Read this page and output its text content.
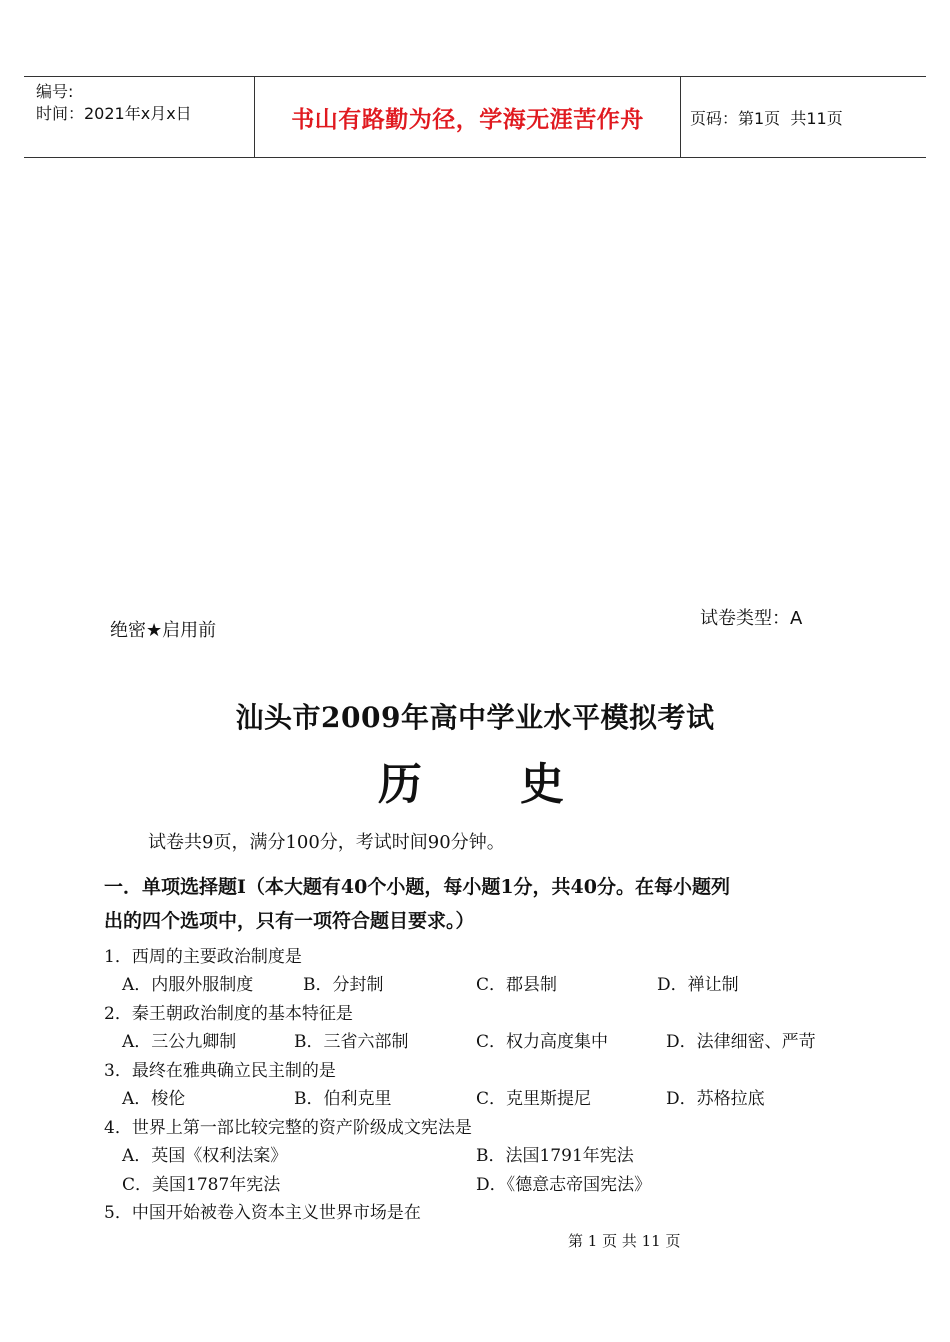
编号:
时间：2021年x月x日	书山有路勤为径，学海无涯苦作舟	页码：第1页  共11页
绝密★启用前
试卷类型：A
汕头市2009年高中学业水平模拟考试
历 史
试卷共9页，满分100分，考试时间90分钟。
一．单项选择题Ⅰ（本大题有40个小题，每小题1分，共40分。在每小题列
出的四个选项中，只有一项符合题目要求。）
1．西周的主要政治制度是
A．内服外服制度	B．分封制	C．郡县制	D．禅让制
2．秦王朝政治制度的基本特征是
A．三公九卿制	B．三省六部制	C．权力高度集中	D．法律细密、严苛
3．最终在雅典确立民主制的是
A．梭伦	B．伯利克里	C．克里斯提尼	D．苏格拉底
4．世界上第一部比较完整的资产阶级成文宪法是
A．英国《权利法案》	B．法国1791年宪法
C．美国1787年宪法	D．《德意志帝国宪法》
5．中国开始被卷入资本主义世界市场是在
第 1 页 共 11 页
